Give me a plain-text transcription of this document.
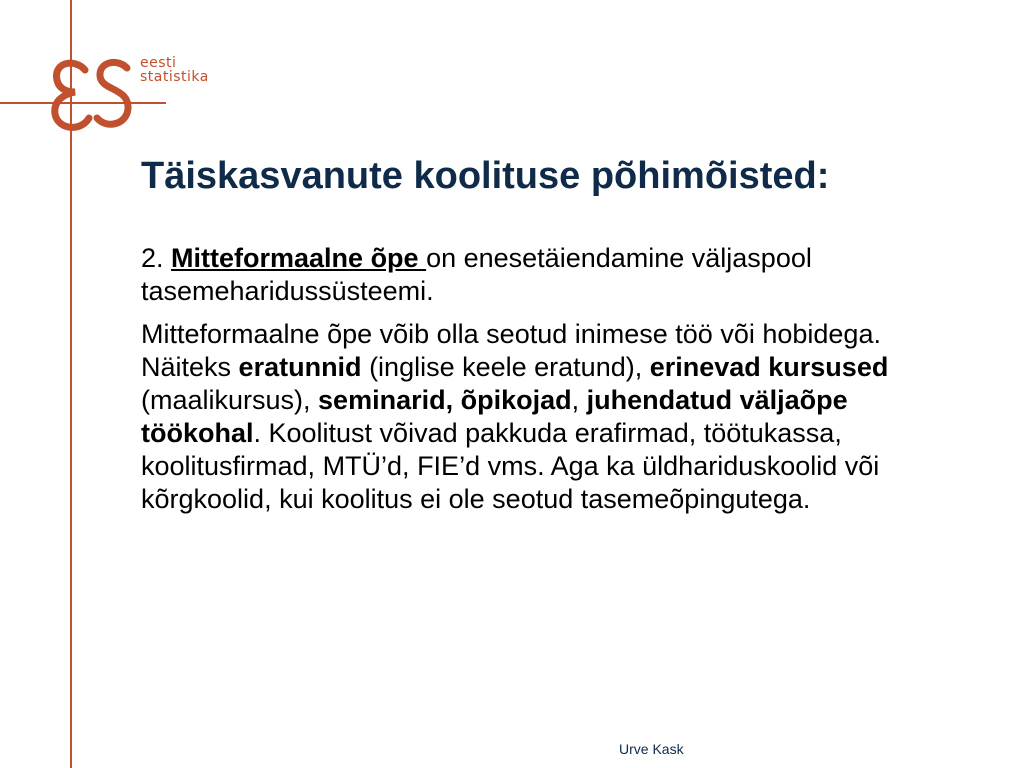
eesti
statistika
Täiskasvanute koolituse põhimõisted:

2. Mitteformaalne õpe on enesetäiendamine väljaspool tasemeharidussüsteemi.

Mitteformaalne õpe võib olla seotud inimese töö või hobidega. Näiteks eratunnid (inglise keele eratund), erinevad kursused (maalikursus), seminarid, õpikojad, juhendatud väljaõpe töökohal. Koolitust võivad pakkuda erafirmad, töötukassa, koolitusfirmad, MTÜ’d, FIE’d vms. Aga ka üldhariduskoolid või kõrgkoolid, kui koolitus ei ole seotud tasemeõpingutega.

Urve Kask
